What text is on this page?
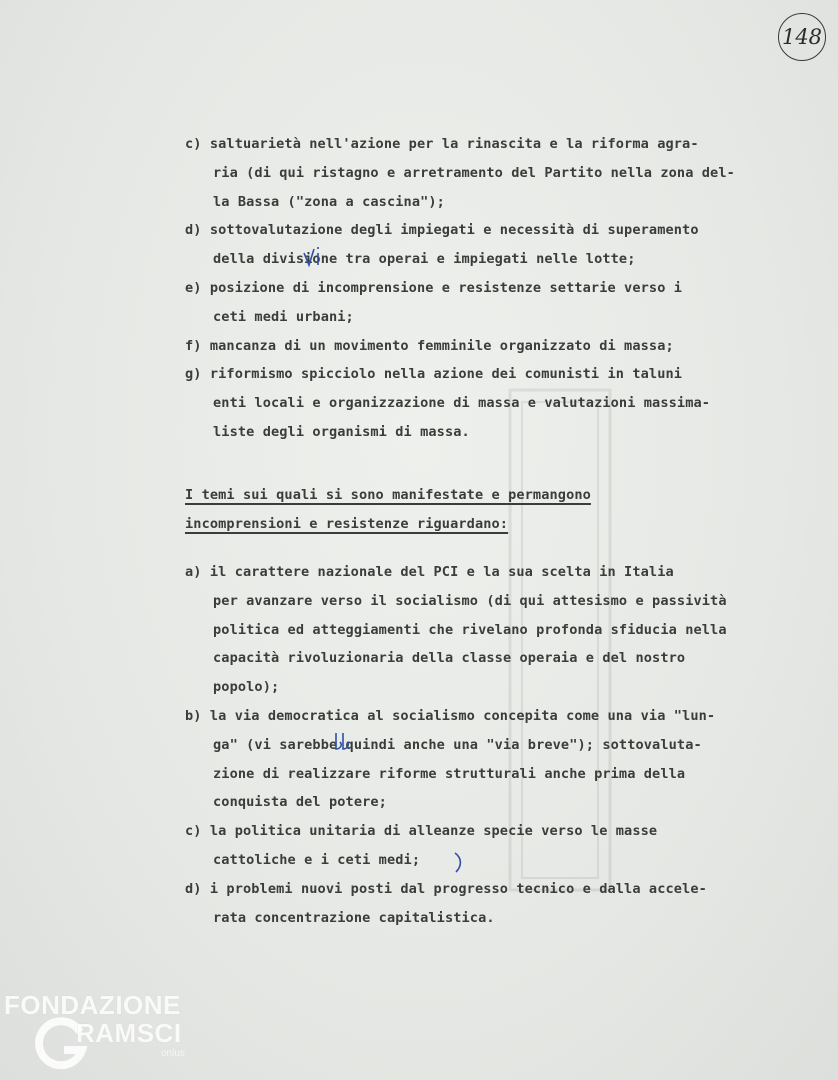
148
c) saltuarietà nell'azione per la rinascita e la riforma agra-
ria (di qui ristagno e arretramento del Partito nella zona del-
la Bassa ("zona a cascina");
d) sottovalutazione degli impiegati e necessità di superamento
della divisione tra operai e impiegati nelle lotte;
e) posizione di incomprensione e resistenze settarie verso i
ceti medi urbani;
f) mancanza di un movimento femminile organizzato di massa;
g) riformismo spicciolo nella azione dei comunisti in taluni
enti locali e organizzazione di massa e valutazioni massima-
liste degli organismi di massa.
I temi sui quali si sono manifestate e permangono
incomprensioni e resistenze riguardano:
a) il carattere nazionale del PCI e la sua scelta in Italia
per avanzare verso il socialismo (di qui attesismo e passività
politica ed atteggiamenti che rivelano profonda sfiducia nella
capacità rivoluzionaria della classe operaia e del nostro
popolo);
b) la via democratica al socialismo concepita come una via "lun-
ga" (vi sarebbe quindi anche una "via breve"); sottovaluta-
zione di realizzare riforme strutturali anche prima della
conquista del potere;
c) la politica unitaria di alleanze specie verso le masse
cattoliche e i ceti medi;
d) i problemi nuovi posti dal progresso tecnico e dalla accele-
rata concentrazione capitalistica.
FONDAZIONE
RAMSCI
onlus
